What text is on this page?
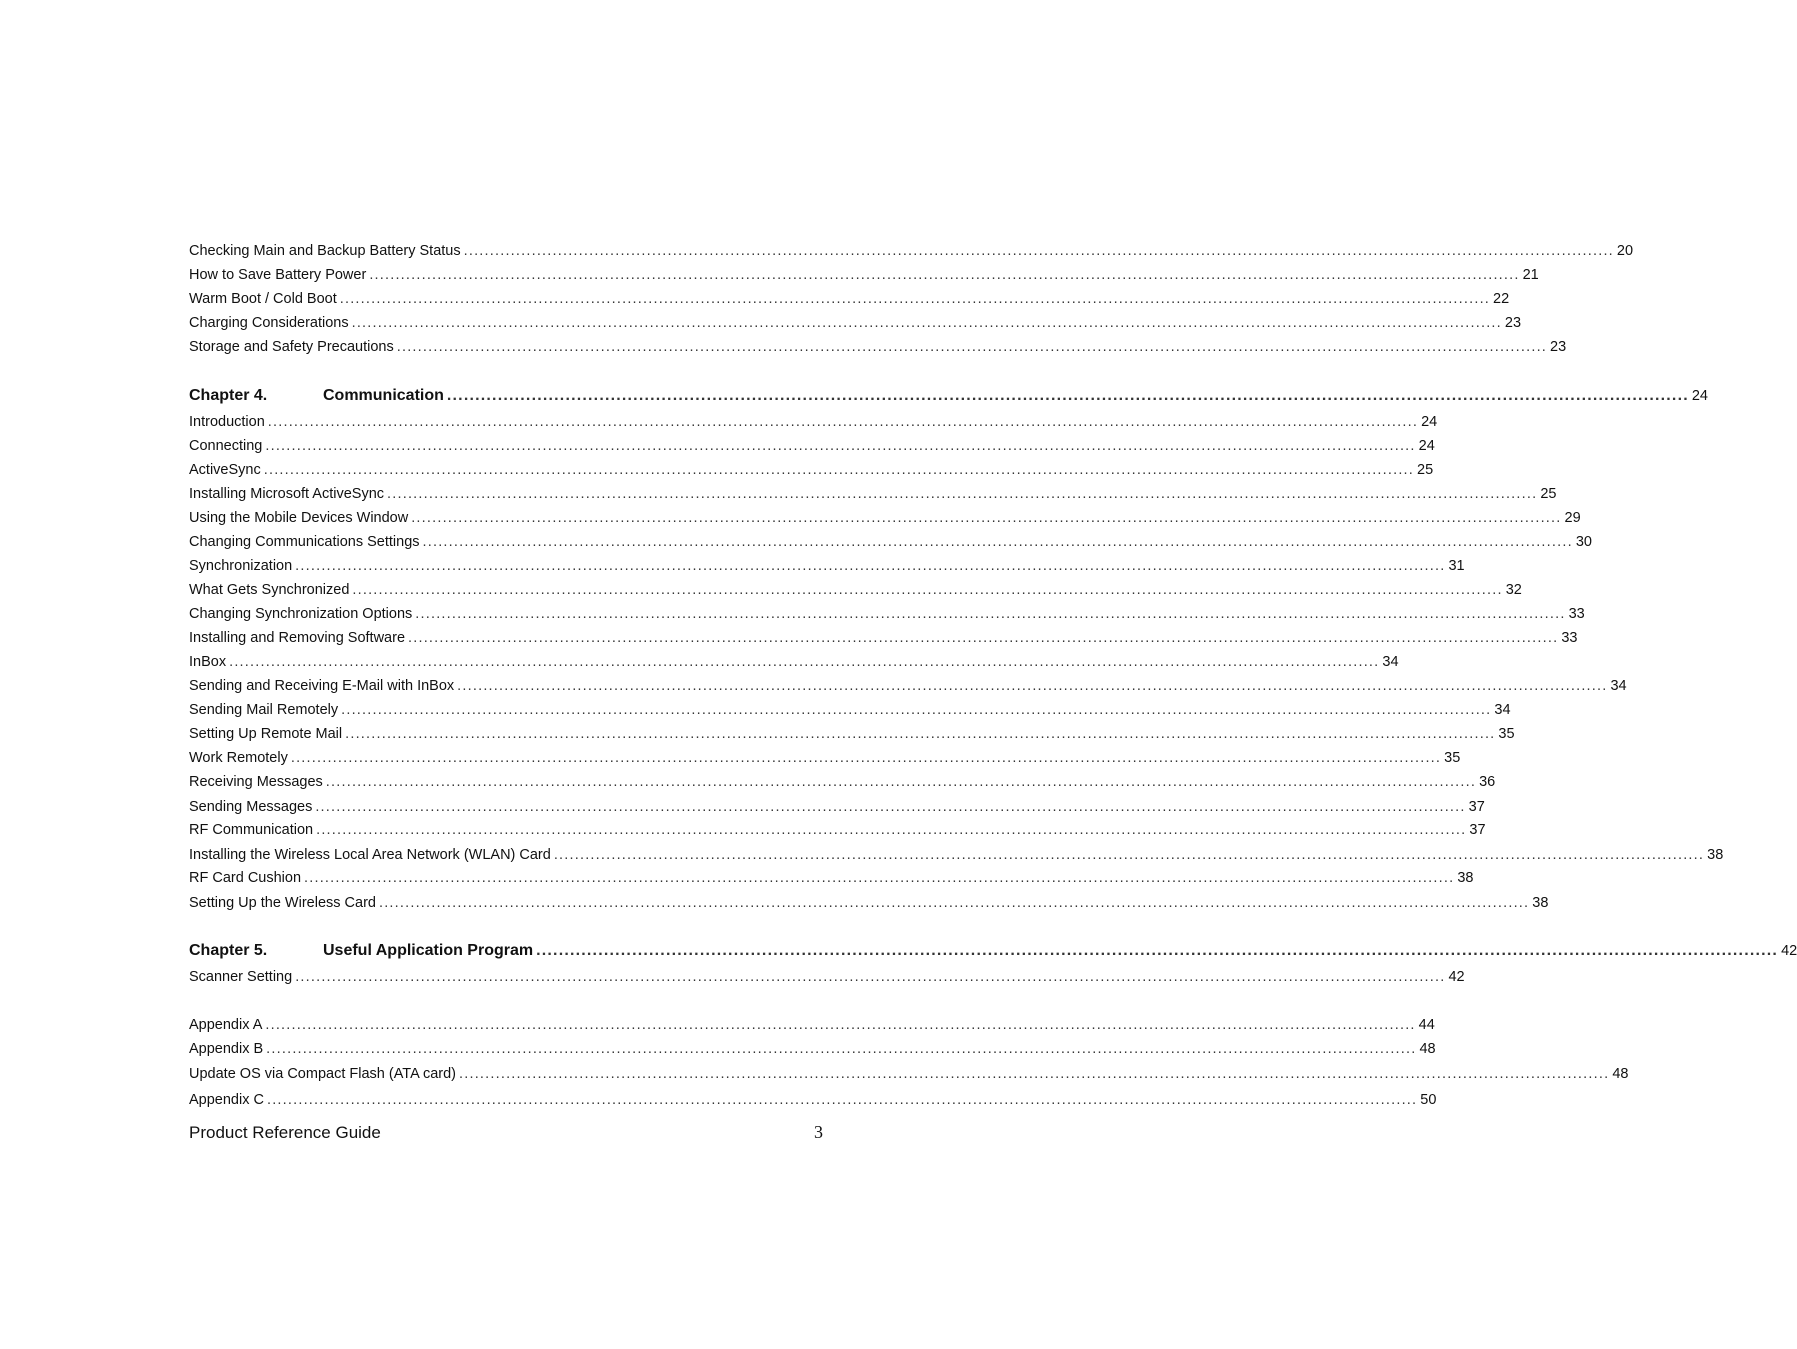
Checking Main and Backup Battery Status ............................................................................................................................................................................................................................ 20
How to Save Battery Power ............................................................................................................................................................................................................................ 21
Warm Boot / Cold Boot ............................................................................................................................................................................................................................ 22
Charging Considerations ............................................................................................................................................................................................................................ 23
Storage and Safety Precautions ............................................................................................................................................................................................................................ 23
Chapter 4.	Communication ............................................................................................................................................................................................................................ 24
Introduction ............................................................................................................................................................................................................................ 24
Connecting ............................................................................................................................................................................................................................ 24
ActiveSync ............................................................................................................................................................................................................................ 25
Installing Microsoft ActiveSync ............................................................................................................................................................................................................................ 25
Using the Mobile Devices Window ............................................................................................................................................................................................................................ 29
Changing Communications Settings ............................................................................................................................................................................................................................ 30
Synchronization ............................................................................................................................................................................................................................ 31
What Gets Synchronized ............................................................................................................................................................................................................................ 32
Changing Synchronization Options ............................................................................................................................................................................................................................ 33
Installing and Removing Software ............................................................................................................................................................................................................................ 33
InBox ............................................................................................................................................................................................................................ 34
Sending and Receiving E-Mail with InBox ............................................................................................................................................................................................................................ 34
Sending Mail Remotely ............................................................................................................................................................................................................................ 34
Setting Up Remote Mail ............................................................................................................................................................................................................................ 35
Work Remotely ............................................................................................................................................................................................................................ 35
Receiving Messages ............................................................................................................................................................................................................................ 36
Sending Messages ............................................................................................................................................................................................................................ 37
RF Communication ............................................................................................................................................................................................................................ 37
Installing the Wireless Local Area Network (WLAN) Card ............................................................................................................................................................................................................................ 38
RF Card Cushion ............................................................................................................................................................................................................................ 38
Setting Up the Wireless Card ............................................................................................................................................................................................................................ 38
Chapter 5.	Useful Application Program ............................................................................................................................................................................................................................ 42
Scanner Setting ............................................................................................................................................................................................................................ 42
Appendix A ............................................................................................................................................................................................................................ 44
Appendix B ............................................................................................................................................................................................................................ 48
Update OS via Compact Flash (ATA card) ............................................................................................................................................................................................................................ 48
Appendix C ............................................................................................................................................................................................................................ 50
Product Reference Guide	3
